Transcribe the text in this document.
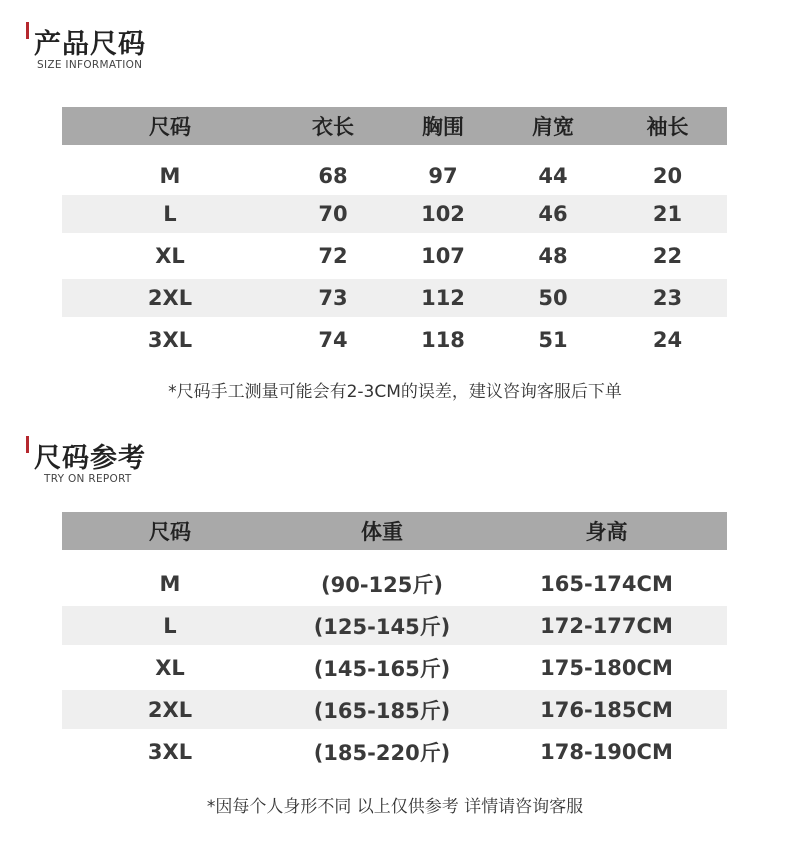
产品尺码
SIZE INFORMATION
尺码	衣长	胸围	肩宽	袖长

M	68	97	44	20
L	70	102	46	21
XL	72	107	48	22
2XL	73	112	50	23
3XL	74	118	51	24
*尺码手工测量可能会有2-3CM的误差，建议咨询客服后下单
尺码参考
TRY ON REPORT
尺码	体重	身高

M	(90-125斤)	165-174CM
L	(125-145斤)	172-177CM
XL	(145-165斤)	175-180CM
2XL	(165-185斤)	176-185CM
3XL	(185-220斤)	178-190CM
*因每个人身形不同 以上仅供参考 详情请咨询客服
